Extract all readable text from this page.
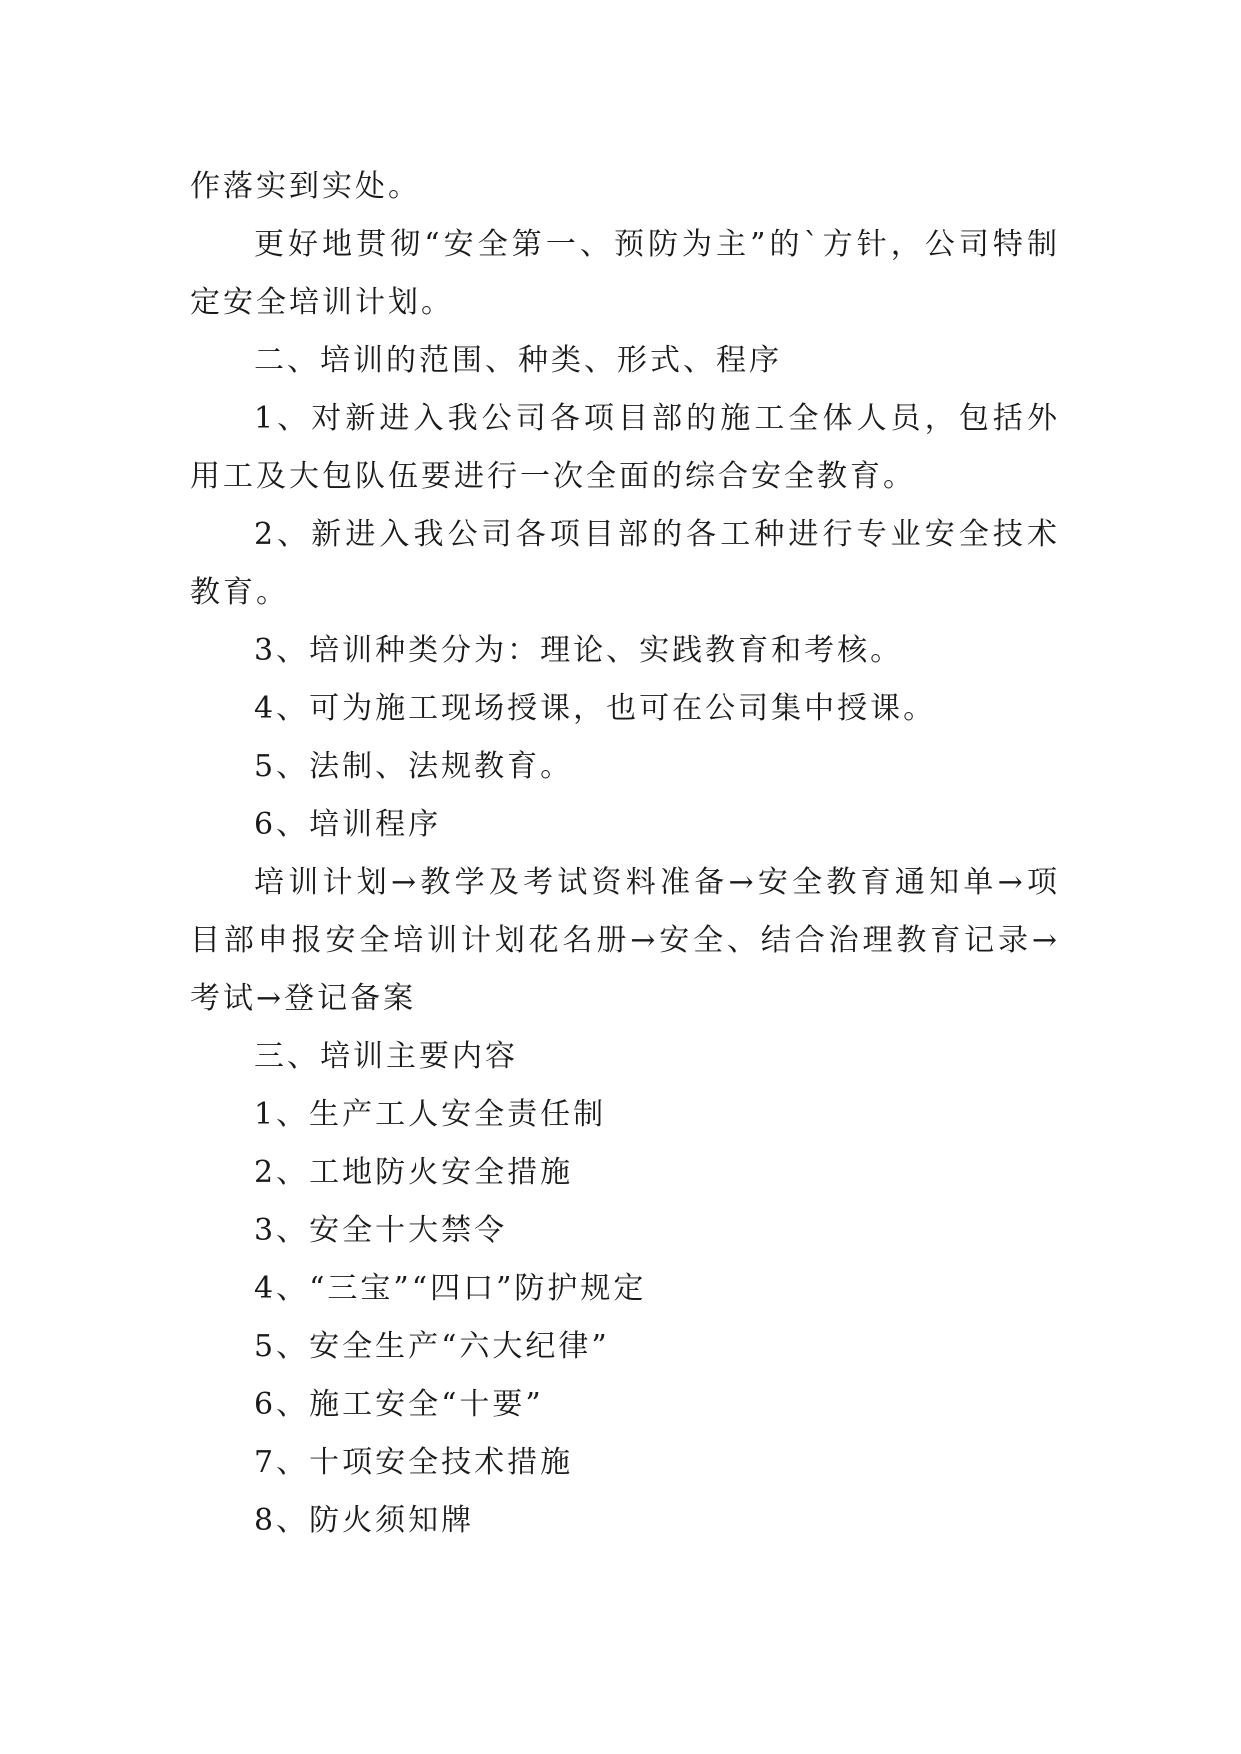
作落实到实处。

更好地贯彻“安全第一、预防为主”的`方针，公司特制定安全培训计划。

二、培训的范围、种类、形式、程序

1、对新进入我公司各项目部的施工全体人员，包括外用工及大包队伍要进行一次全面的综合安全教育。

2、新进入我公司各项目部的各工种进行专业安全技术教育。

3、培训种类分为：理论、实践教育和考核。

4、可为施工现场授课，也可在公司集中授课。

5、法制、法规教育。

6、培训程序

培训计划→教学及考试资料准备→安全教育通知单→项目部申报安全培训计划花名册→安全、结合治理教育记录→考试→登记备案

三、培训主要内容

1、生产工人安全责任制

2、工地防火安全措施

3、安全十大禁令

4、“三宝”“四口”防护规定

5、安全生产“六大纪律”

6、施工安全“十要”

7、十项安全技术措施

8、防火须知牌
